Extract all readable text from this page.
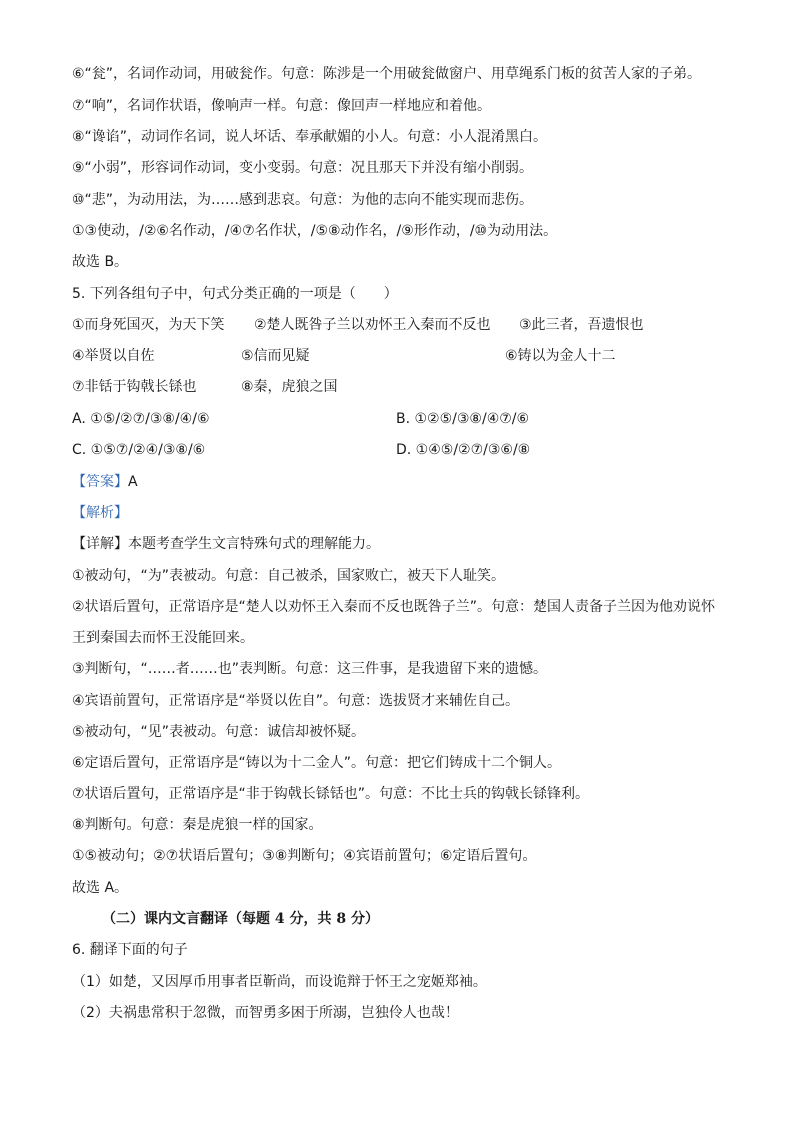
⑥“瓮”，名词作动词，用破瓮作。句意：陈涉是一个用破瓮做窗户、用草绳系门板的贫苦人家的子弟。
⑦“响”，名词作状语，像响声一样。句意：像回声一样地应和着他。
⑧“谗谄”，动词作名词，说人坏话、奉承献媚的小人。句意：小人混淆黑白。
⑨“小弱”，形容词作动词，变小变弱。句意：况且那天下并没有缩小削弱。
⑩“悲”，为动用法，为……感到悲哀。句意：为他的志向不能实现而悲伤。
①③使动，/②⑥名作动，/④⑦名作状，/⑤⑧动作名，/⑨形作动，/⑩为动用法。
故选 B。
5. 下列各组句子中，句式分类正确的一项是（　　）
①而身死国灭，为天下笑 ②楚人既咎子兰以劝怀王入秦而不反也 ③此三者，吾遗恨也
④举贤以自佐	⑤信而见疑	⑥铸以为金人十二
⑦非铦于钩戟长铩也	⑧秦，虎狼之国
A. ①⑤/②⑦/③⑧/④/⑥	B. ①②⑤/③⑧/④⑦/⑥
C. ①⑤⑦/②④/③⑧/⑥	D. ①④⑤/②⑦/③⑥/⑧
【答案】A
【解析】
【详解】本题考查学生文言特殊句式的理解能力。
①被动句，“为”表被动。句意：自己被杀，国家败亡，被天下人耻笑。
②状语后置句，正常语序是“楚人以劝怀王入秦而不反也既咎子兰”。句意：楚国人责备子兰因为他劝说怀
王到秦国去而怀王没能回来。
③判断句，“……者……也”表判断。句意：这三件事，是我遗留下来的遗憾。
④宾语前置句，正常语序是“举贤以佐自”。句意：选拔贤才来辅佐自己。
⑤被动句，“见”表被动。句意：诚信却被怀疑。
⑥定语后置句，正常语序是“铸以为十二金人”。句意：把它们铸成十二个铜人。
⑦状语后置句，正常语序是“非于钩戟长铩铦也”。句意：不比士兵的钩戟长铩锋利。
⑧判断句。句意：秦是虎狼一样的国家。
①⑤被动句；②⑦状语后置句；③⑧判断句；④宾语前置句；⑥定语后置句。
故选 A。
（二）课内文言翻译（每题 4 分，共 8 分）
6. 翻译下面的句子
（1）如楚，又因厚币用事者臣靳尚，而设诡辩于怀王之宠姬郑袖。
（2）夫祸患常积于忽微，而智勇多困于所溺，岂独伶人也哉！
